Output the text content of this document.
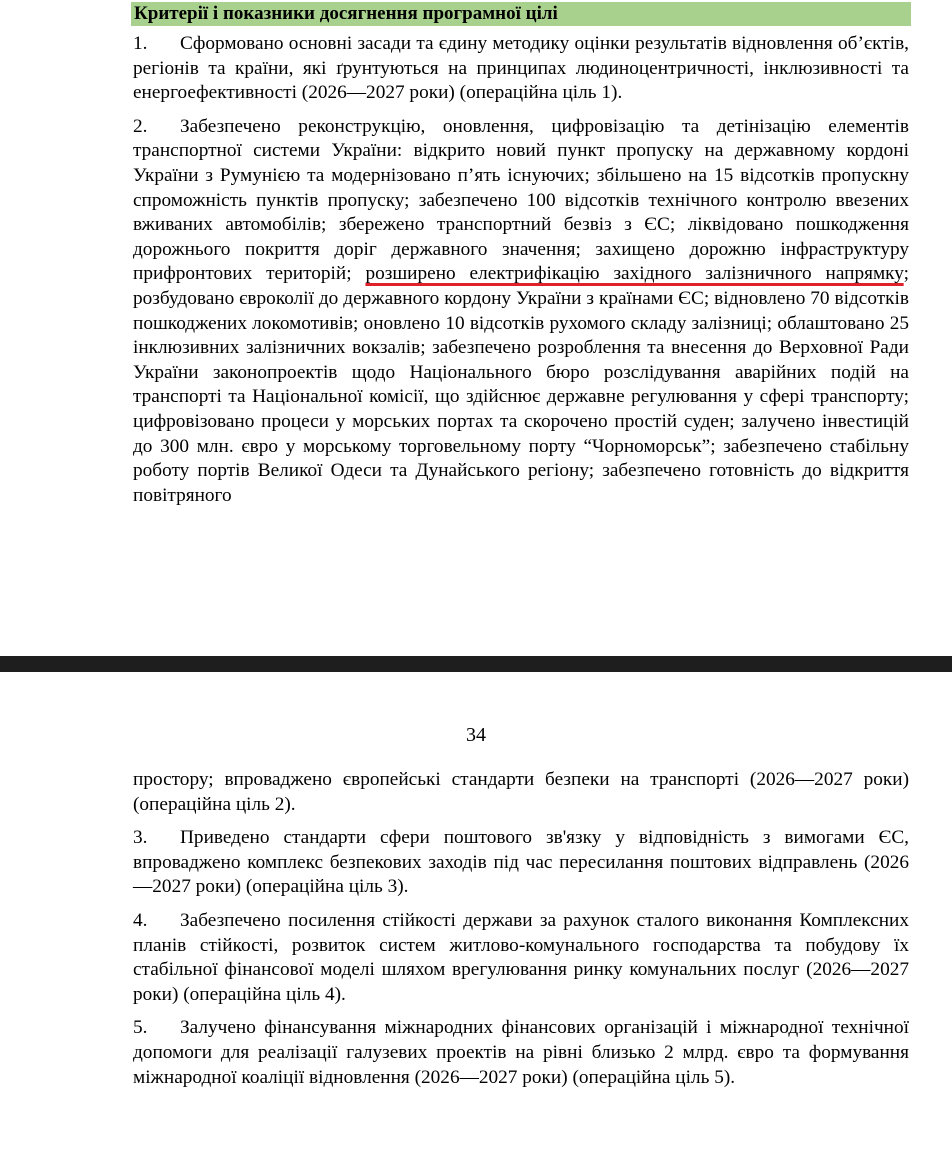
Критерії і показники досягнення програмної цілі

1. Сформовано основні засади та єдину методику оцінки результатів відновлення об’єктів, регіонів та країни, які ґрунтуються на принципах людиноцентричності, інклюзивності та енергоефективності (2026—2027 роки) (операційна ціль 1).

2. Забезпечено реконструкцію, оновлення, цифровізацію та детінізацію елементів транспортної системи України: відкрито новий пункт пропуску на державному кордоні України з Румунією та модернізовано п’ять існуючих; збільшено на 15 відсотків пропускну спроможність пунктів пропуску; забезпечено 100 відсотків технічного контролю ввезених вживаних автомобілів; збережено транспортний безвіз з ЄС; ліквідовано пошкодження дорожнього покриття доріг державного значення; захищено дорожню інфраструктуру прифронтових територій; розширено електрифікацію західного залізничного напрямку; розбудовано євроколії до державного кордону України з країнами ЄС; відновлено 70 відсотків пошкоджених локомотивів; оновлено 10 відсотків рухомого складу залізниці; облаштовано 25 інклюзивних залізничних вокзалів; забезпечено розроблення та внесення до Верховної Ради України законопроектів щодо Національного бюро розслідування аварійних подій на транспорті та Національної комісії, що здійснює державне регулювання у сфері транспорту; цифровізовано процеси у морських портах та скорочено простій суден; залучено інвестицій до 300 млн. євро у морському торговельному порту “Чорноморськ”; забезпечено стабільну роботу портів Великої Одеси та Дунайського регіону; забезпечено готовність до відкриття повітряного

34

простору; впроваджено європейські стандарти безпеки на транспорті (2026—2027 роки) (операційна ціль 2).

3. Приведено стандарти сфери поштового зв'язку у відповідність з вимогами ЄС, впроваджено комплекс безпекових заходів під час пересилання поштових відправлень (2026—2027 роки) (операційна ціль 3).

4. Забезпечено посилення стійкості держави за рахунок сталого виконання Комплексних планів стійкості, розвиток систем житлово-комунального господарства та побудову їх стабільної фінансової моделі шляхом врегулювання ринку комунальних послуг (2026—2027 роки) (операційна ціль 4).

5. Залучено фінансування міжнародних фінансових організацій і міжнародної технічної допомоги для реалізації галузевих проектів на рівні близько 2 млрд. євро та формування міжнародної коаліції відновлення (2026—2027 роки) (операційна ціль 5).
